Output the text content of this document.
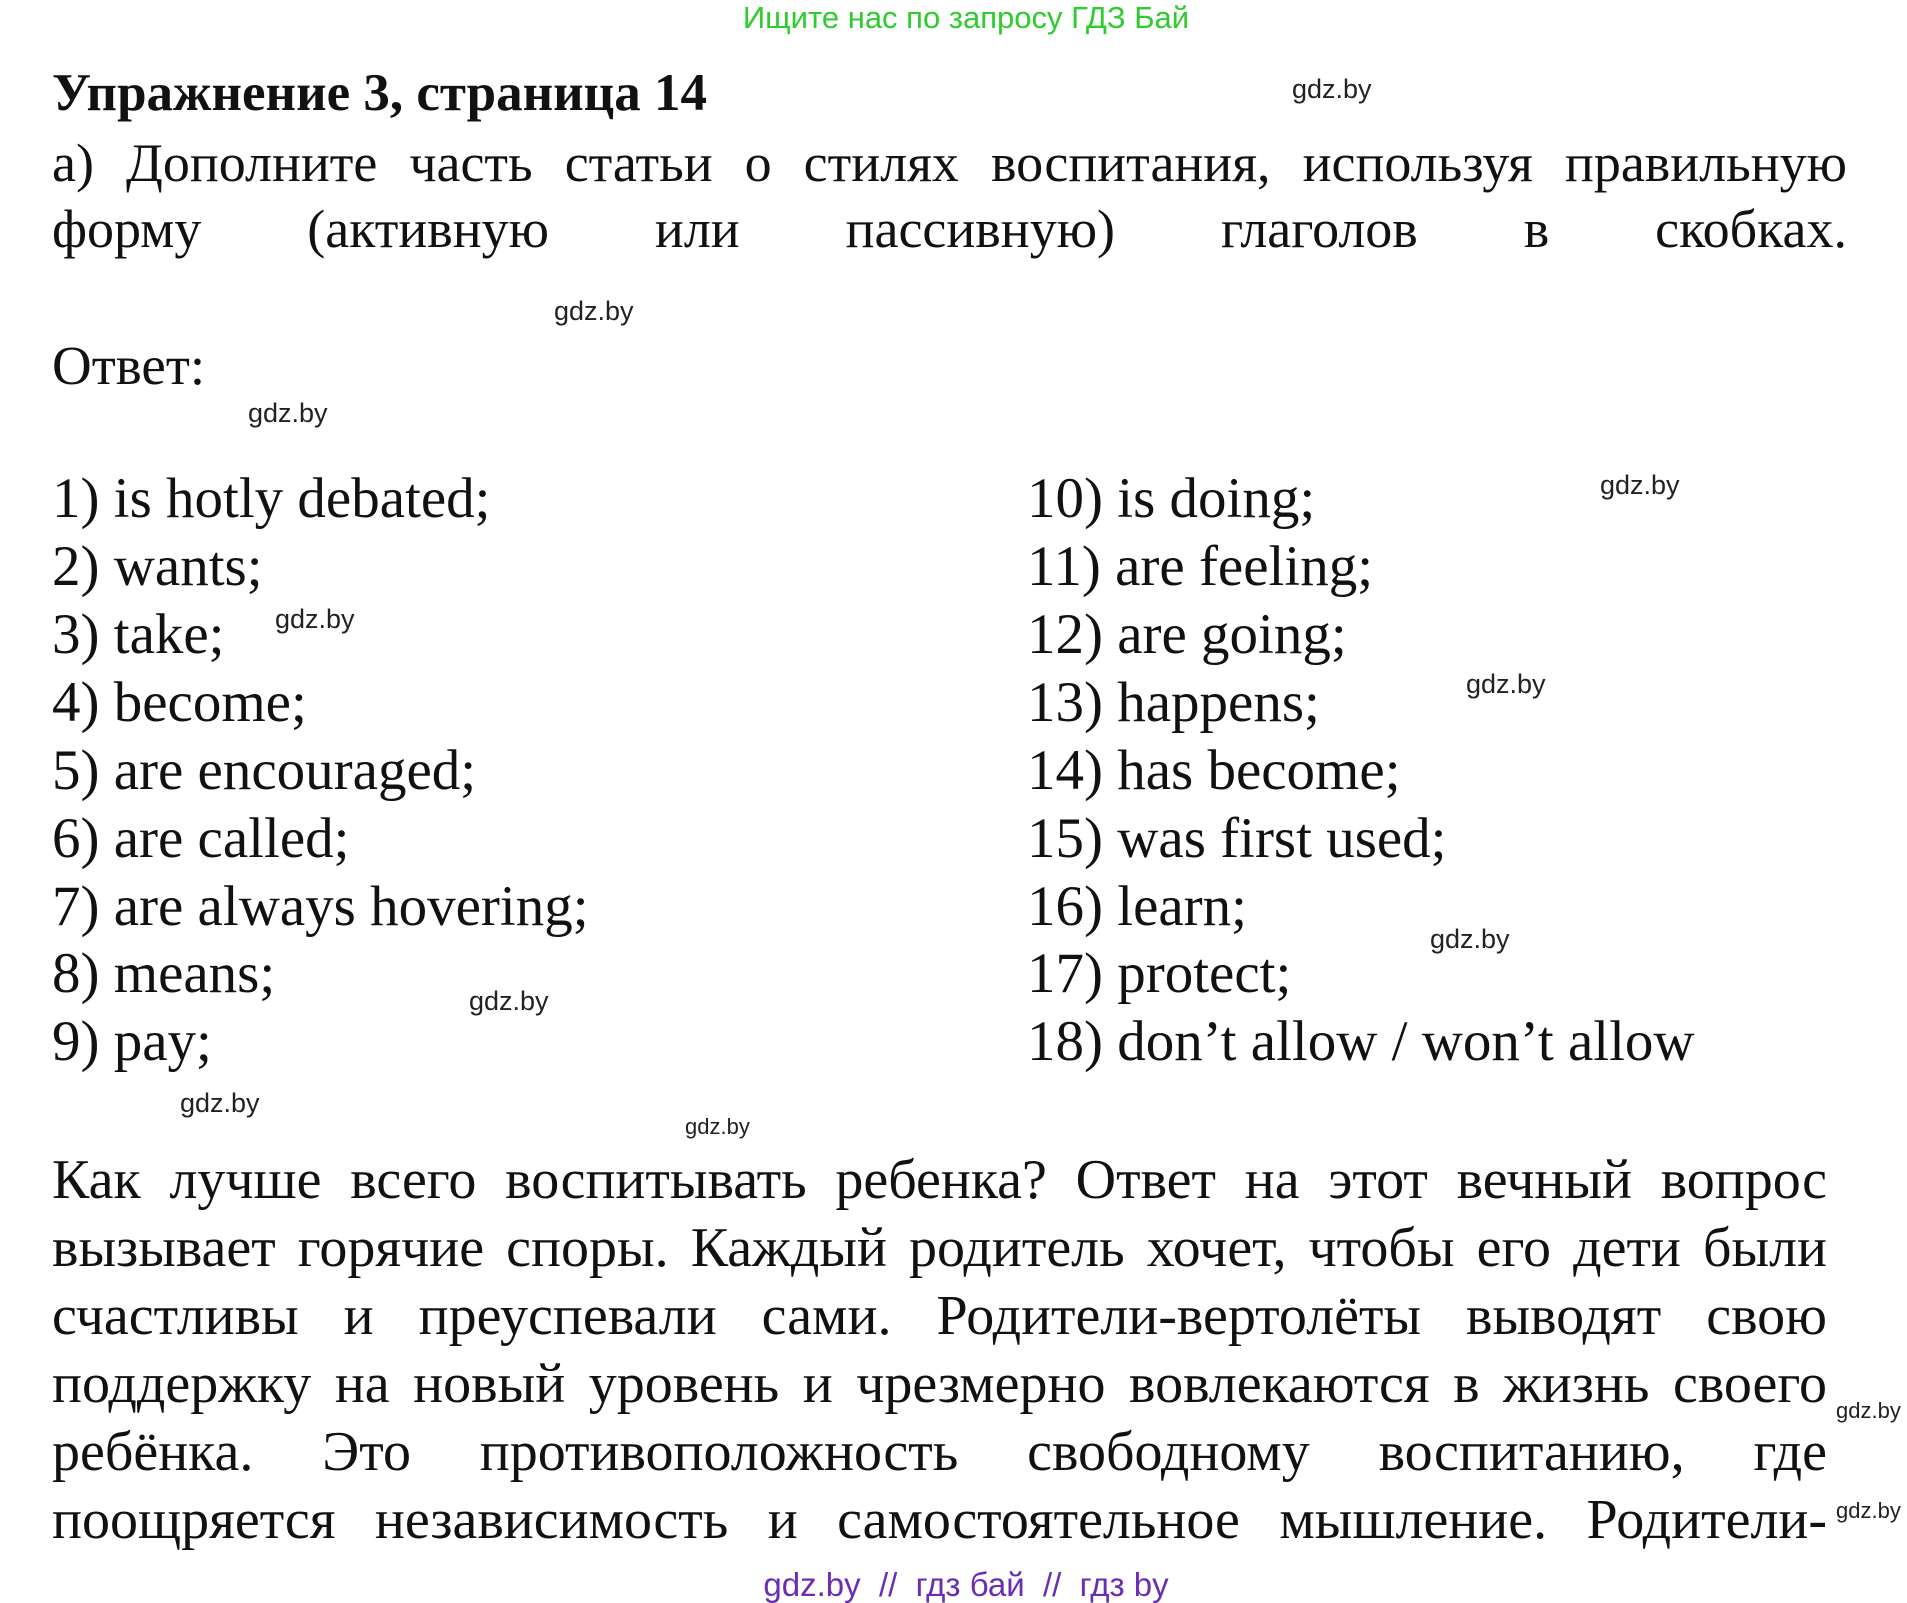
Ищите нас по запросу ГДЗ Бай
Упражнение 3, страница 14
а) Дополните часть статьи о стилях воспитания, используя правильную
форму (активную или пассивную) глаголов в скобках.
Ответ:
1) is hotly debated;
2) wants;
3) take;
4) become;
5) are encouraged;
6) are called;
7) are always hovering;
8) means;
9) pay;
10) is doing;
11) are feeling;
12) are going;
13) happens;
14) has become;
15) was first used;
16) learn;
17) protect;
18) don’t allow / won’t allow
Как лучше всего воспитывать ребенка? Ответ на этот вечный вопрос
вызывает горячие споры. Каждый родитель хочет, чтобы его дети были
счастливы и преуспевали сами. Родители-вертолёты выводят свою
поддержку на новый уровень и чрезмерно вовлекаются в жизнь своего
ребёнка. Это противоположность свободному воспитанию, где
поощряется независимость и самостоятельное мышление. Родители-
gdz.by
gdz.by
gdz.by
gdz.by
gdz.by
gdz.by
gdz.by
gdz.by
gdz.by
gdz.by
gdz.by
gdz.by
gdz.by  //  гдз бай  //  гдз by
